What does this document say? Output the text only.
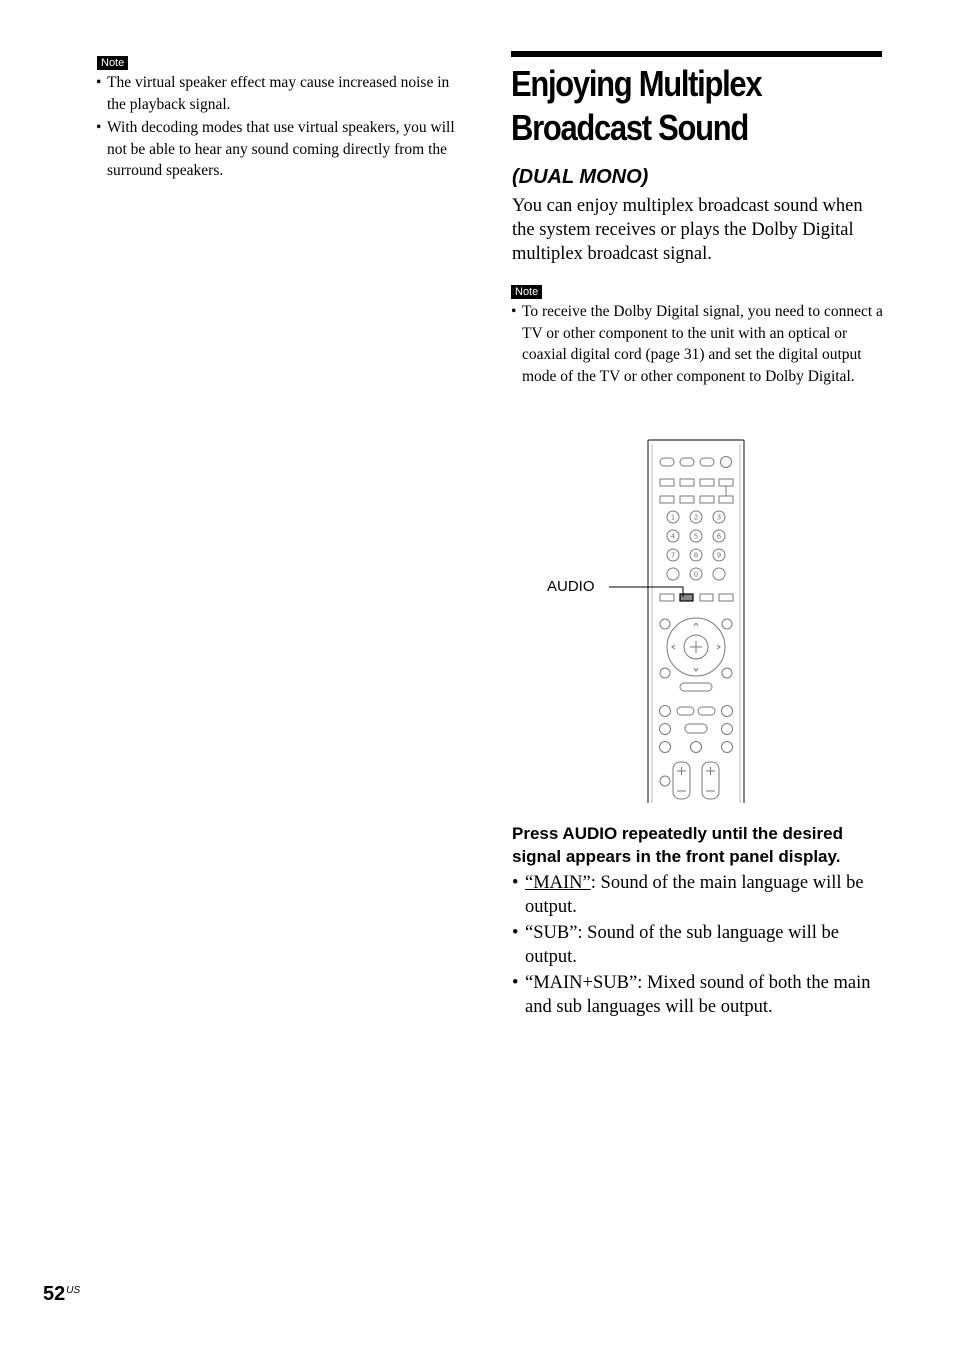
Note
• The virtual speaker effect may cause increased noise in the playback signal.
• With decoding modes that use virtual speakers, you will not be able to hear any sound coming directly from the surround speakers.
Enjoying Multiplex
Broadcast Sound
(DUAL MONO)

You can enjoy multiplex broadcast sound when the system receives or plays the Dolby Digital multiplex broadcast signal.

Note
• To receive the Dolby Digital signal, you need to connect a TV or other component to the unit with an optical or coaxial digital cord (page 31) and set the digital output mode of the TV or other component to Dolby Digital.
1	2	3
4	5	6
7	8	9
0
AUDIO

Press AUDIO repeatedly until the desired signal appears in the front panel display.

• “MAIN”: Sound of the main language will be output.
• “SUB”: Sound of the sub language will be output.
• “MAIN+SUB”: Mixed sound of both the main and sub languages will be output.
$52^{US}$
